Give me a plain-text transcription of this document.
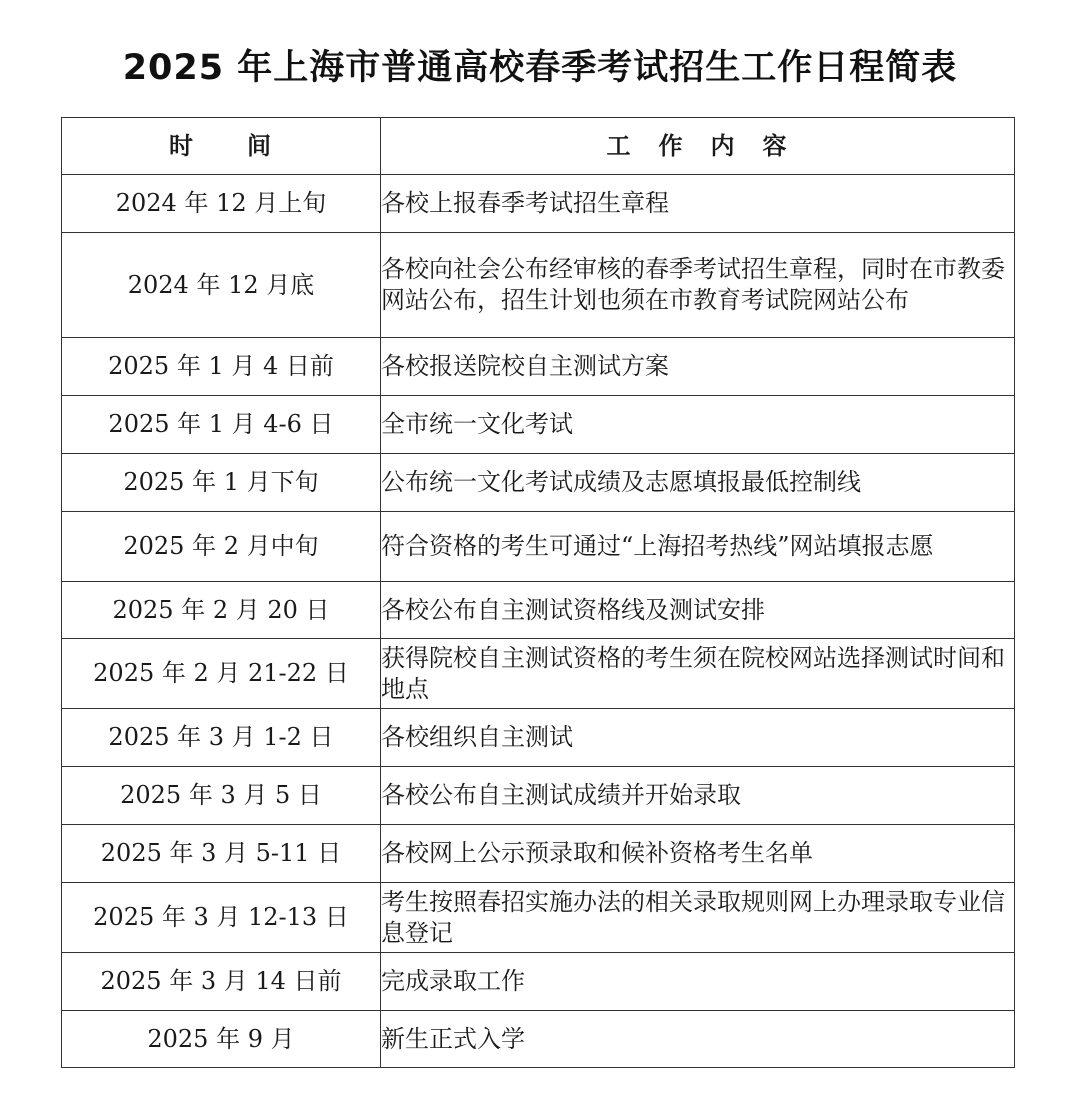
2025 年上海市普通高校春季考试招生工作日程简表
时　　间	工　作　内　容
2024 年 12 月上旬	各校上报春季考试招生章程
2024 年 12 月底	各校向社会公布经审核的春季考试招生章程，同时在市教委网站公布，招生计划也须在市教育考试院网站公布
2025 年 1 月 4 日前	各校报送院校自主测试方案
2025 年 1 月 4-6 日	全市统一文化考试
2025 年 1 月下旬	公布统一文化考试成绩及志愿填报最低控制线
2025 年 2 月中旬	符合资格的考生可通过“上海招考热线”网站填报志愿
2025 年 2 月 20 日	各校公布自主测试资格线及测试安排
2025 年 2 月 21-22 日	获得院校自主测试资格的考生须在院校网站选择测试时间和地点
2025 年 3 月 1-2 日	各校组织自主测试
2025 年 3 月 5 日	各校公布自主测试成绩并开始录取
2025 年 3 月 5-11 日	各校网上公示预录取和候补资格考生名单
2025 年 3 月 12-13 日	考生按照春招实施办法的相关录取规则网上办理录取专业信息登记
2025 年 3 月 14 日前	完成录取工作
2025 年 9 月	新生正式入学
